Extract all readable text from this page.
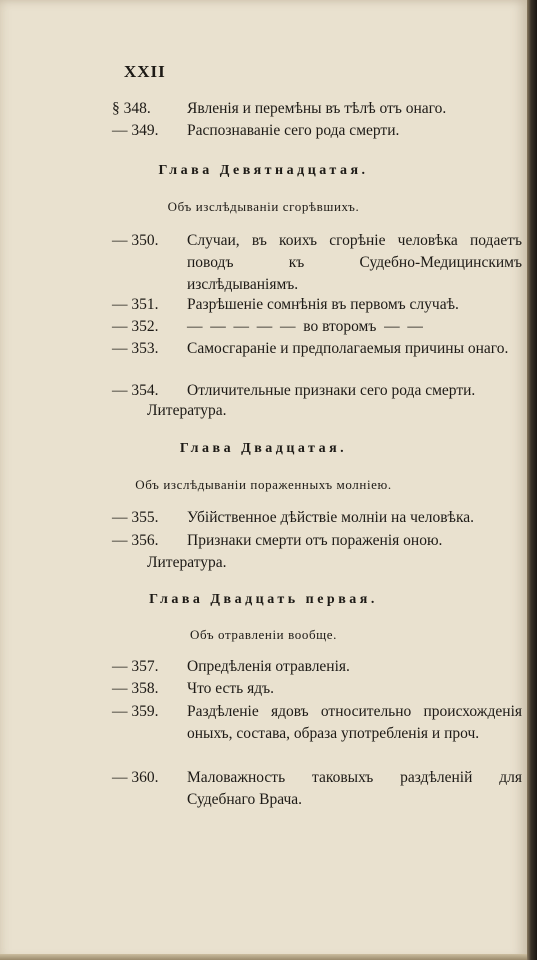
XXII
§ 348.	Явленія и перемѣны въ тѣлѣ отъ онаго.
— 349.	Распознаваніе сего рода смерти.
Глава Девятнадцатая.
Объ изслѣдываніи сгорѣвшихъ.
— 350.	Случаи, въ коихъ сгорѣніе человѣка подаетъ поводъ къ Судебно-Медицинскимъ изслѣдываніямъ.
— 351.	Разрѣшеніе сомнѣнія въ первомъ случаѣ.
— 352.	—  —  —  —  —  во второмъ  —  —
— 353.	Самосгараніе и предполагаемыя причины онаго.
— 354.	Отличительные признаки сего рода смерти.
Литература.
Глава Двадцатая.
Объ изслѣдываніи пораженныхъ молніею.
— 355.	Убійственное дѣйствіе молніи на человѣка.
— 356.	Признаки смерти отъ пораженія оною.
Литература.
Глава Двадцать первая.
Объ отравленіи вообще.
— 357.	Опредѣленія отравленія.
— 358.	Что есть ядъ.
— 359.	Раздѣленіе ядовъ относительно происхожденія оныхъ, состава, образа употребленія и проч.
— 360.	Маловажность таковыхъ раздѣленій для Судебнаго Врача.
